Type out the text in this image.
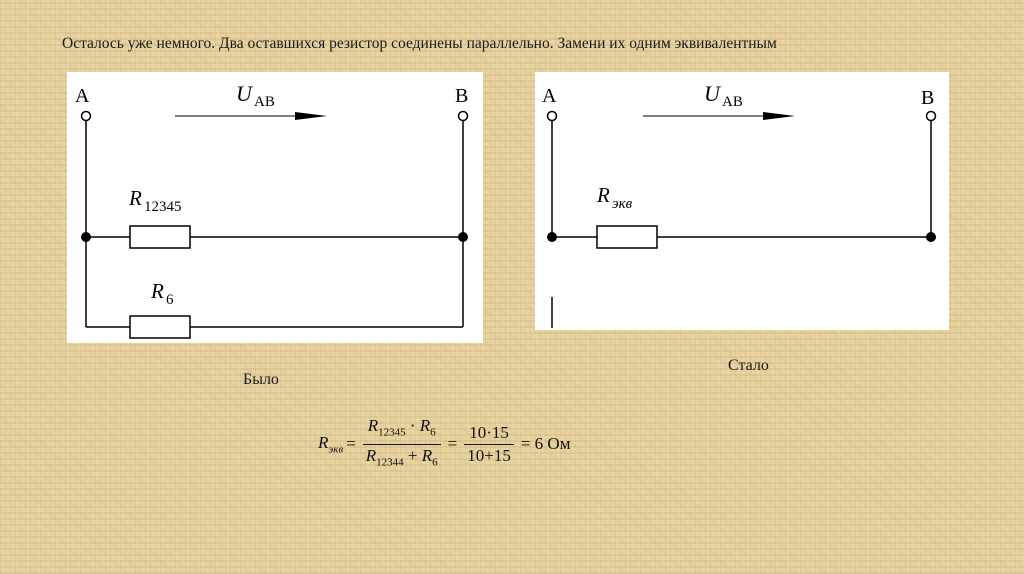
Осталось уже немного. Два оставшихся резистор соединены параллельно. Замени их одним эквивалентным
A	B
U AB
R 12345
R 6
Было
A	B
U AB
R экв
Стало
$R_{экв} = \frac{R_{12345} \cdot R_6}{R_{12344} + R_6} = \frac{10\cdot 15}{10+15} = 6$ Ом
